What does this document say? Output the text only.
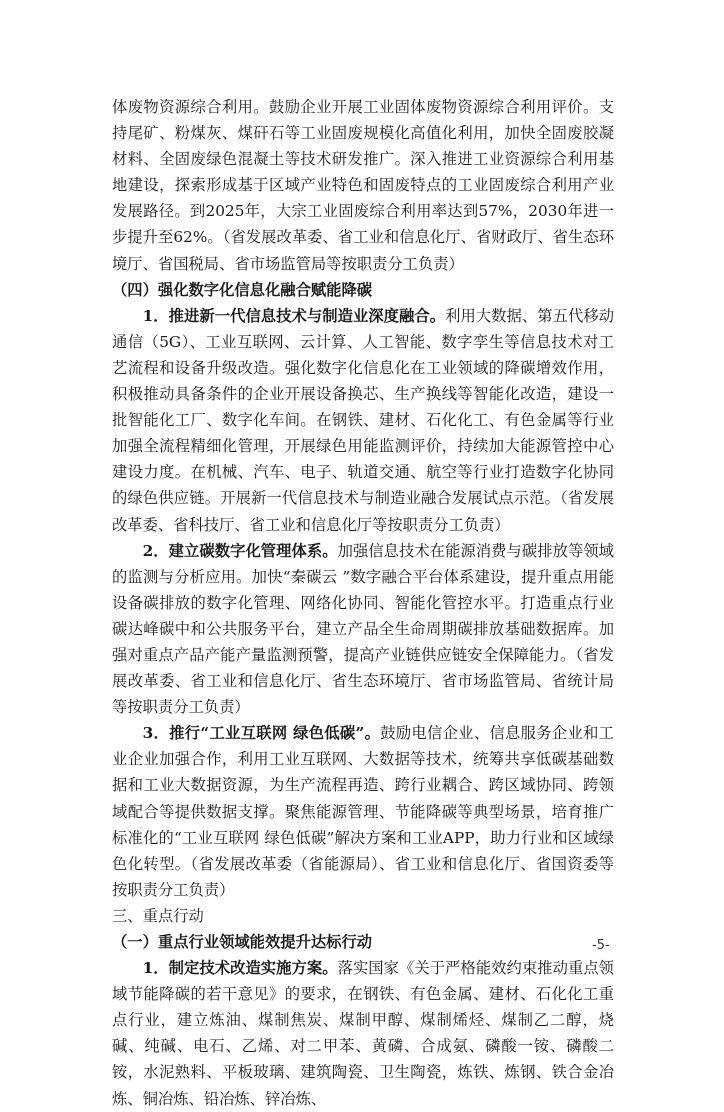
体废物资源综合利用。鼓励企业开展工业固体废物资源综合利用评价。支持尾矿、粉煤灰、煤矸石等工业固废规模化高值化利用，加快全固废胶凝材料、全固废绿色混凝土等技术研发推广。深入推进工业资源综合利用基地建设，探索形成基于区域产业特色和固废特点的工业固废综合利用产业发展路径。到2025年，大宗工业固废综合利用率达到57%，2030年进一步提升至62%。（省发展改革委、省工业和信息化厅、省财政厅、省生态环境厅、省国税局、省市场监管局等按职责分工负责）

（四）强化数字化信息化融合赋能降碳

1．推进新一代信息技术与制造业深度融合。利用大数据、第五代移动通信（5G）、工业互联网、云计算、人工智能、数字孪生等信息技术对工艺流程和设备升级改造。强化数字化信息化在工业领域的降碳增效作用，积极推动具备条件的企业开展设备换芯、生产换线等智能化改造，建设一批智能化工厂、数字化车间。在钢铁、建材、石化化工、有色金属等行业加强全流程精细化管理，开展绿色用能监测评价，持续加大能源管控中心建设力度。在机械、汽车、电子、轨道交通、航空等行业打造数字化协同的绿色供应链。开展新一代信息技术与制造业融合发展试点示范。（省发展改革委、省科技厅、省工业和信息化厅等按职责分工负责）

2．建立碳数字化管理体系。加强信息技术在能源消费与碳排放等领域的监测与分析应用。加快“秦碳云 ”数字融合平台体系建设，提升重点用能设备碳排放的数字化管理、网络化协同、智能化管控水平。打造重点行业碳达峰碳中和公共服务平台，建立产品全生命周期碳排放基础数据库。加强对重点产品产能产量监测预警，提高产业链供应链安全保障能力。（省发展改革委、省工业和信息化厅、省生态环境厅、省市场监管局、省统计局等按职责分工负责）

3．推行“工业互联网 绿色低碳”。鼓励电信企业、信息服务企业和工业企业加强合作，利用工业互联网、大数据等技术，统筹共享低碳基础数据和工业大数据资源，为生产流程再造、跨行业耦合、跨区域协同、跨领域配合等提供数据支撑。聚焦能源管理、节能降碳等典型场景，培育推广标准化的“工业互联网 绿色低碳”解决方案和工业APP，助力行业和区域绿色化转型。（省发展改革委（省能源局）、省工业和信息化厅、省国资委等按职责分工负责）

三、重点行动

（一）重点行业领域能效提升达标行动

1．制定技术改造实施方案。落实国家《关于严格能效约束推动重点领域节能降碳的若干意见》的要求，在钢铁、有色金属、建材、石化化工重点行业，建立炼油、煤制焦炭、煤制甲醇、煤制烯烃、煤制乙二醇，烧碱、纯碱、电石、乙烯、对二甲苯、黄磷、合成氨、磷酸一铵、磷酸二铵，水泥熟料、平板玻璃、建筑陶瓷、卫生陶瓷，炼铁、炼钢、铁合金冶炼、铜冶炼、铅冶炼、锌冶炼、

-5-
